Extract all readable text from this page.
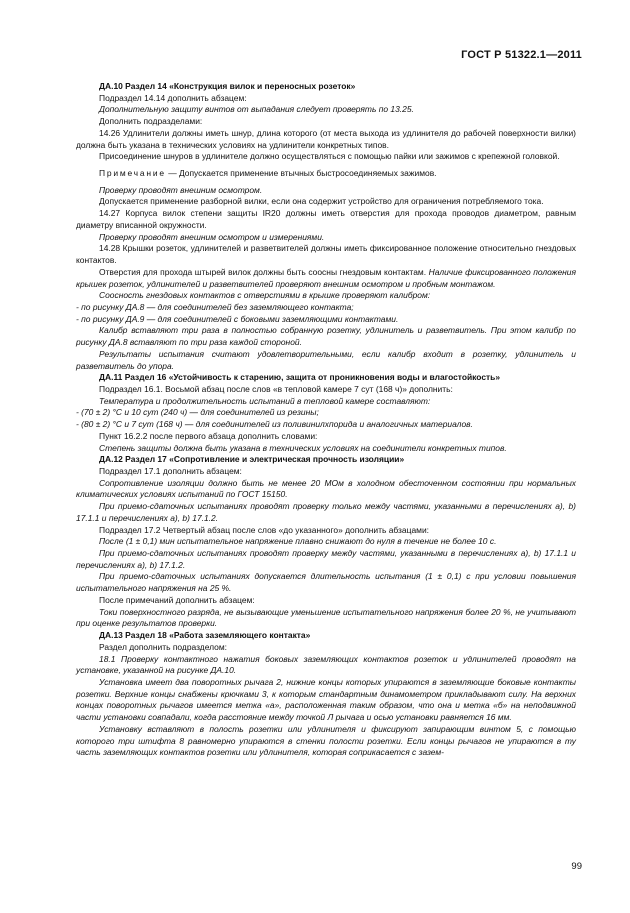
ГОСТ Р 51322.1—2011

ДА.10 Раздел 14 «Конструкция вилок и переносных розеток»

Подраздел 14.14 дополнить абзацем:

Дополнительную защиту винтов от выпадания следует проверять по 13.25.

Дополнить подразделами:

14.26 Удлинители должны иметь шнур, длина которого (от места выхода из удлинителя до рабочей поверхности вилки) должна быть указана в технических условиях на удлинители конкретных типов.

Присоединение шнуров в удлинителе должно осуществляться с помощью пайки или зажимов с крепежной головкой.

Примечание — Допускается применение втычных быстросоединяемых зажимов.

Проверку проводят внешним осмотром.

Допускается применение разборной вилки, если она содержит устройство для ограничения потребляемого тока.

14.27 Корпуса вилок степени защиты IR20 должны иметь отверстия для прохода проводов диаметром, равным диаметру вписанной окружности.

Проверку проводят внешним осмотром и измерениями.

14.28 Крышки розеток, удлинителей и разветвителей должны иметь фиксированное положение относительно гнездовых контактов.

Отверстия для прохода штырей вилок должны быть соосны гнездовым контактам. Наличие фиксированного положения крышек розеток, удлинителей и разветвителей проверяют внешним осмотром и пробным монтажом.

Соосность гнездовых контактов с отверстиями в крышке проверяют калибром:

- по рисунку ДА.8 — для соединителей без заземляющего контакта;

- по рисунку ДА.9 — для соединителей с боковыми заземляющими контактами.

Калибр вставляют три раза в полностью собранную розетку, удлинитель и разветвитель. При этом калибр по рисунку ДА.8 вставляют по три раза каждой стороной.

Результаты испытания считают удовлетворительными, если калибр входит в розетку, удлинитель и разветвитель до упора.

ДА.11 Раздел 16 «Устойчивость к старению, защита от проникновения воды и влагостойкость»

Подраздел 16.1. Восьмой абзац после слов «в тепловой камере 7 сут (168 ч)» дополнить:

Температура и продолжительность испытаний в тепловой камере составляют:

- (70 ± 2) °С и 10 сут (240 ч) — для соединителей из резины;

- (80 ± 2) °С и 7 сут (168 ч) — для соединителей из поливинилхпорида и аналогичных материалов.

Пункт 16.2.2 после первого абзаца дополнить словами:

Степень защиты должна быть указана в технических условиях на соединители конкретных типов.

ДА.12 Раздел 17 «Сопротивление и электрическая прочность изоляции»

Подраздел 17.1 дополнить абзацем:

Сопротивление изоляции должно быть не менее 20 МОм в холодном обесточенном состоянии при нормальных климатических условиях испытаний по ГОСТ 15150.

При приемо-сдаточных испытаниях проводят проверку только между частями, указанными в перечислениях a), b) 17.1.1 и перечислениях a), b) 17.1.2.

Подраздел 17.2 Четвертый абзац после слов «до указанного» дополнить абзацами:

После (1 ± 0,1) мин испытательное напряжение плавно снижают до нуля в течение не более 10 с.

При приемо-сдаточных испытаниях проводят проверку между частями, указанными в перечислениях a), b) 17.1.1 и перечислениях a), b) 17.1.2.

При приемо-сдаточных испытаниях допускается длительность испытания (1 ± 0,1) с при условии повышения испытательного напряжения на 25 %.

После примечаний дополнить абзацем:

Токи поверхностного разряда, не вызывающие уменьшение испытательного напряжения более 20 %, не учитывают при оценке результатов проверки.

ДА.13 Раздел 18 «Работа заземляющего контакта»

Раздел дополнить подразделом:

18.1 Проверку контактного нажатия боковых заземляющих контактов розеток и удлинителей проводят на установке, указанной на рисунке ДА.10.

Установка имеет два поворотных рычага 2, нижние концы которых упираются в заземляющие боковые контакты розетки. Верхние концы снабжены крючками 3, к которым стандартным динамометром прикладывают силу. На верхних концах поворотных рычагов имеется метка «а», расположенная таким образом, что она и метка «б» на неподвижной части установки совпадали, когда расстояние между точкой Л рычага и осью установки равняется 16 мм.

Установку вставляют в полость розетки или удлинителя и фиксируют запирающим винтом 5, с помощью которого три штифта 8 равномерно упираются в стенки полости розетки. Если концы рычагов не упираются в ту часть заземляющих контактов розетки или удлинителя, которая соприкасается с зазем-

99
